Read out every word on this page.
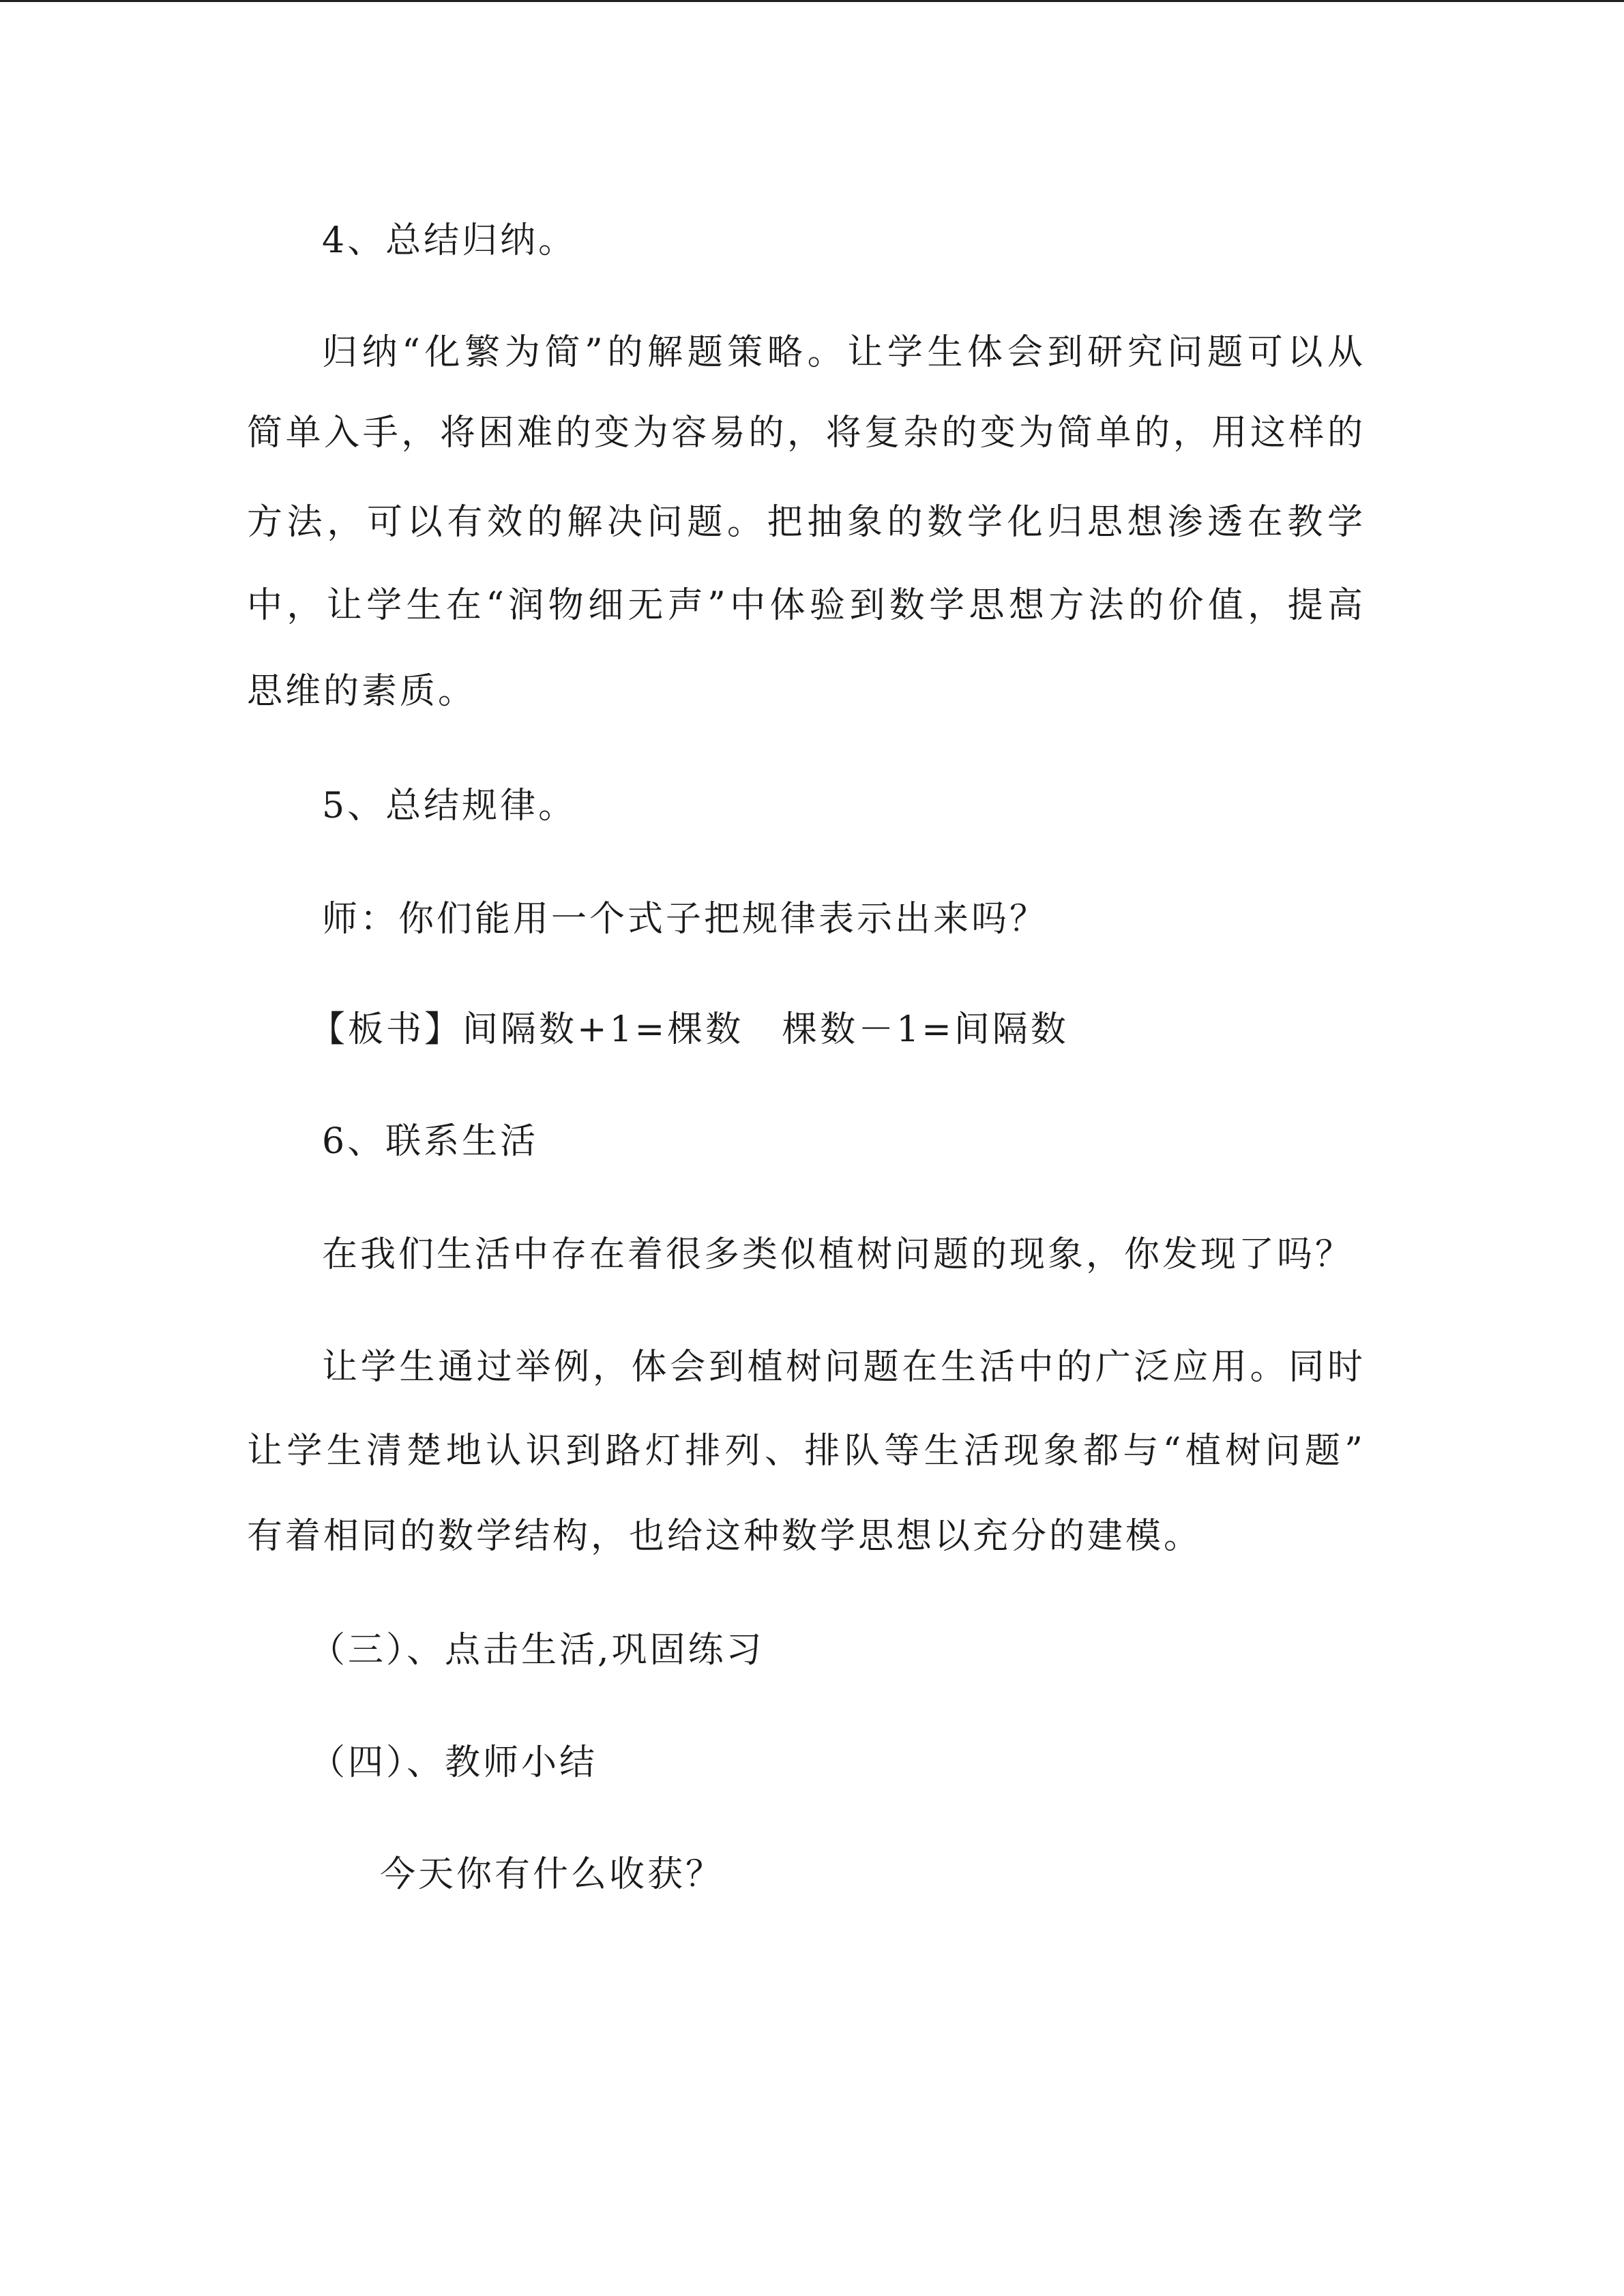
4、总结归纳。
归纳“化繁为简”的解题策略。让学生体会到研究问题可以从
简单入手，将困难的变为容易的，将复杂的变为简单的，用这样的
方法，可以有效的解决问题。把抽象的数学化归思想渗透在教学
中，让学生在“润物细无声”中体验到数学思想方法的价值，提高
思维的素质。
5、总结规律。
师：你们能用一个式子把规律表示出来吗？
【板书】间隔数+1=棵数　棵数－1=间隔数
6、联系生活
在我们生活中存在着很多类似植树问题的现象，你发现了吗？
让学生通过举例，体会到植树问题在生活中的广泛应用。同时
让学生清楚地认识到路灯排列、排队等生活现象都与“植树问题”
有着相同的数学结构，也给这种数学思想以充分的建模。
（三）、点击生活,巩固练习
（四）、教师小结
今天你有什么收获？
